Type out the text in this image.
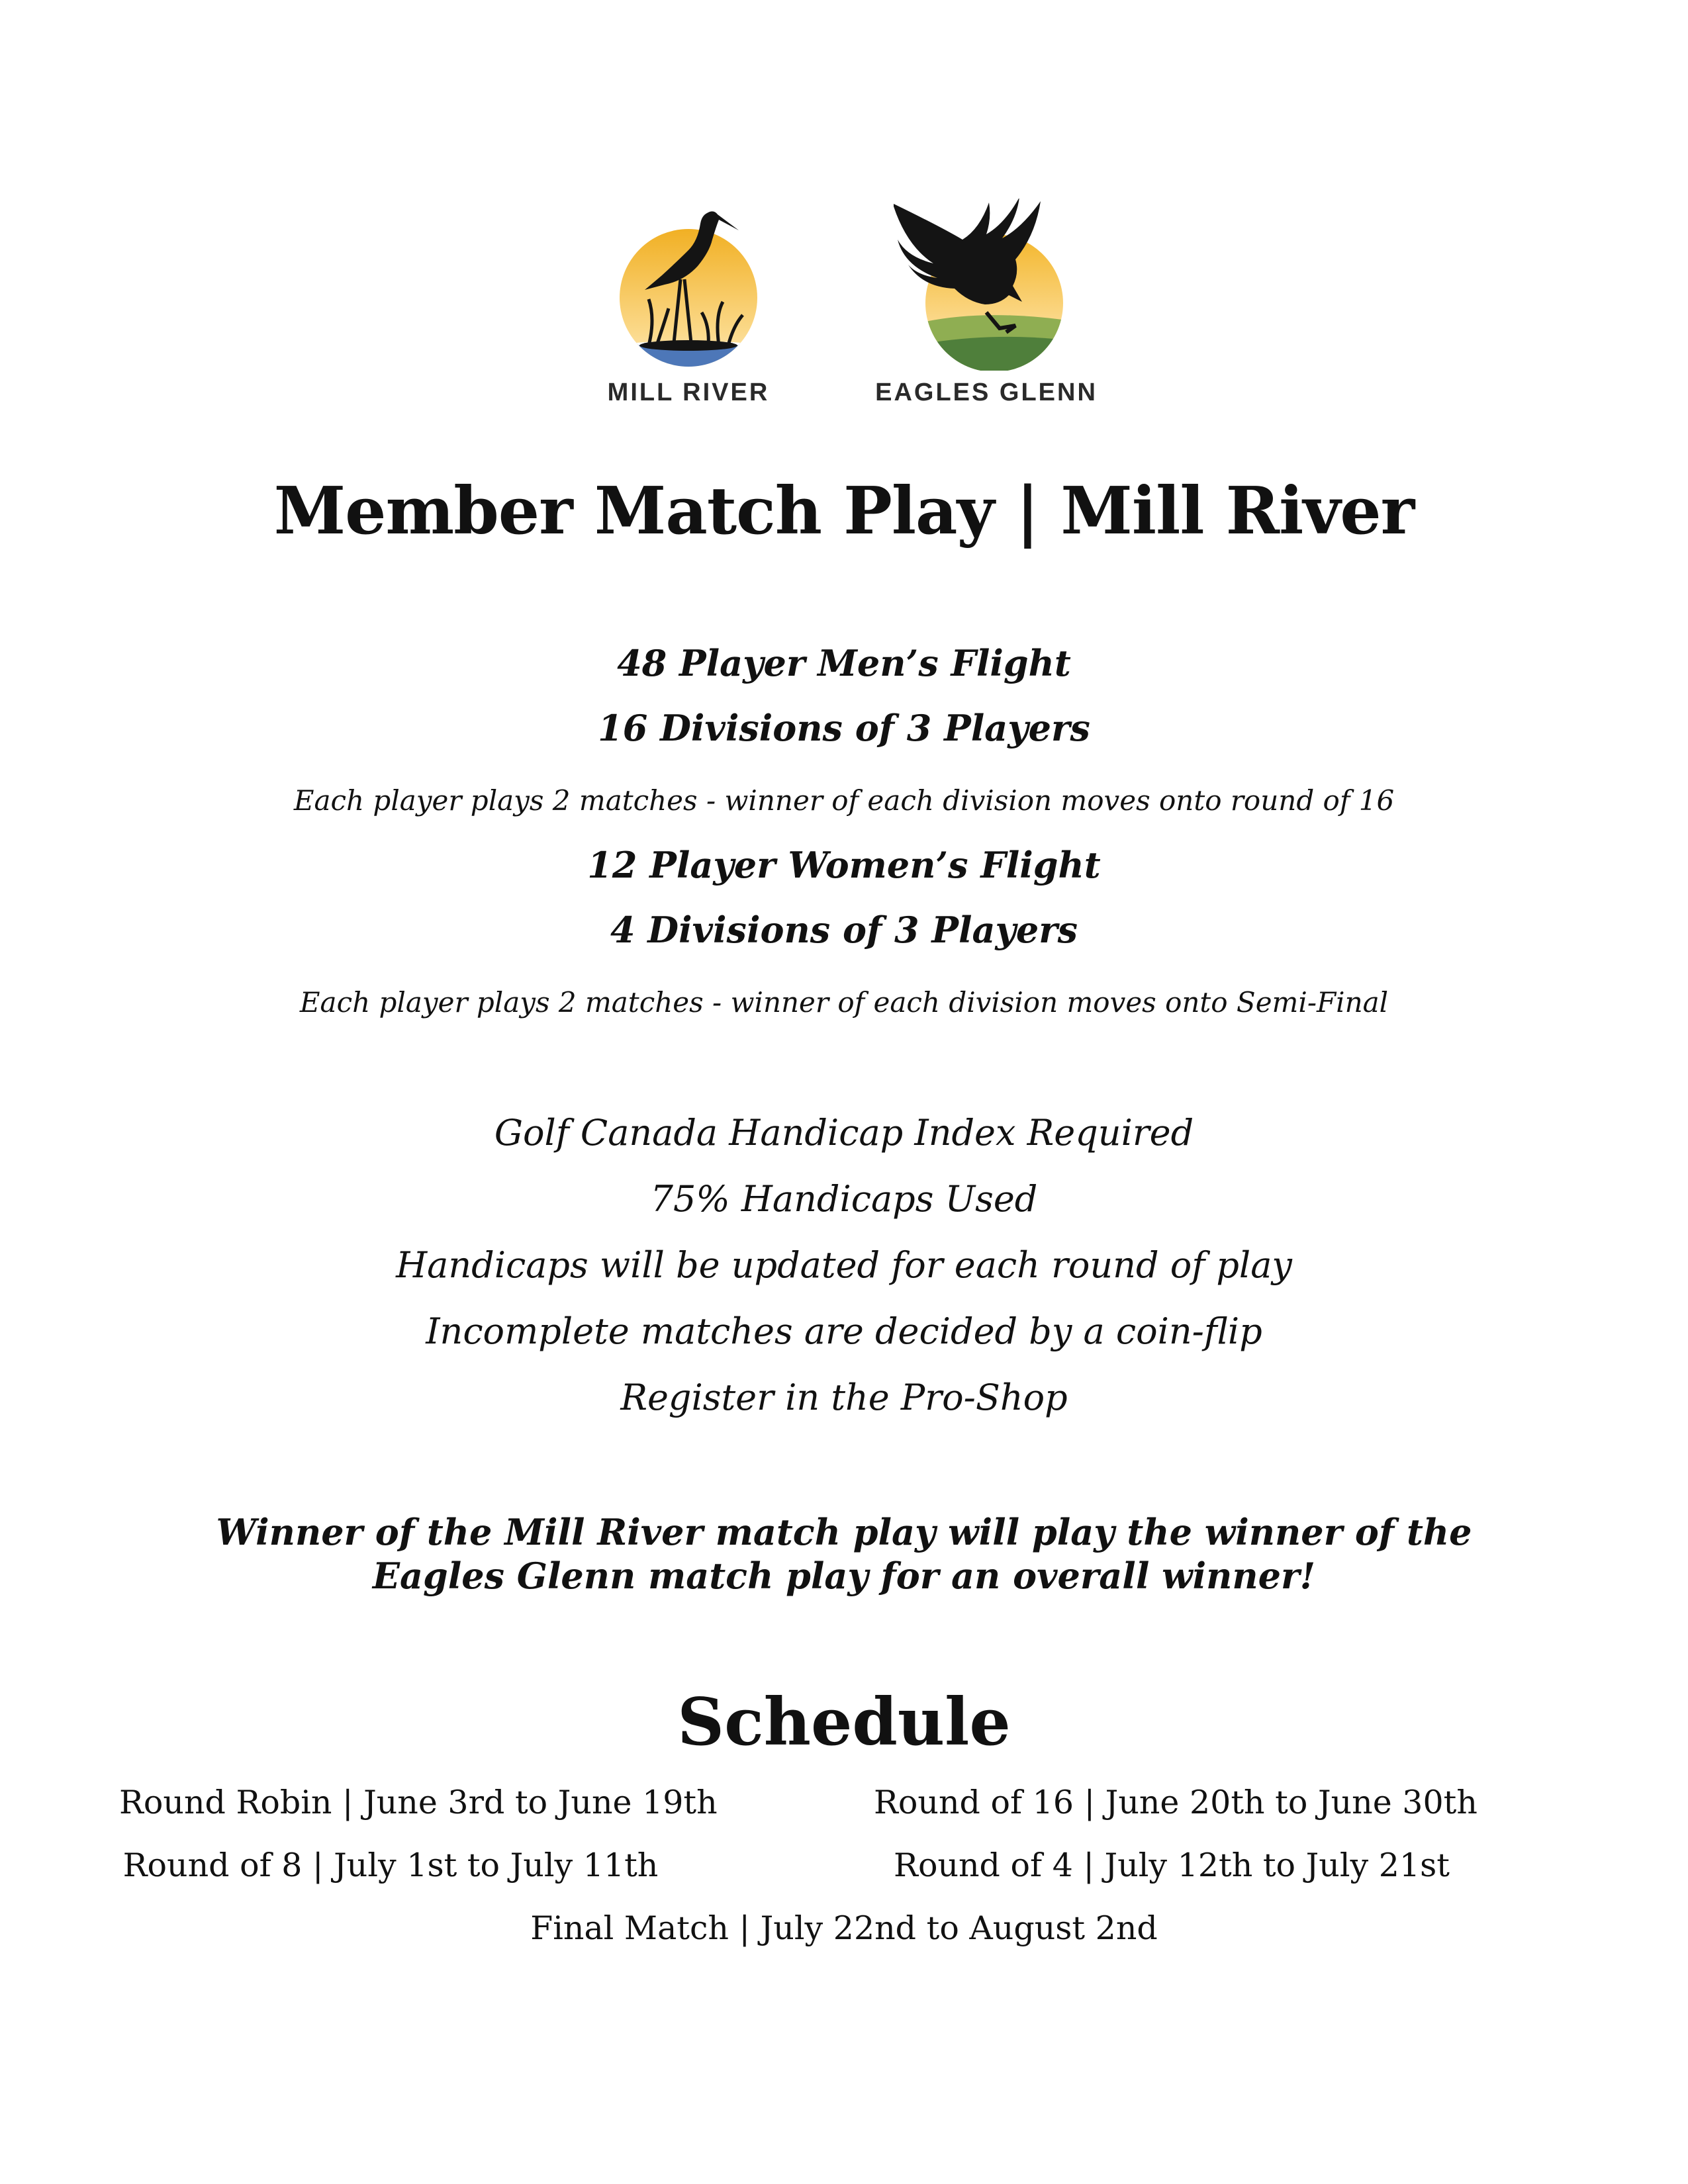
MILL RIVER	EAGLES GLENN
Member Match Play | Mill River
48 Player Men’s Flight
16 Divisions of 3 Players
Each player plays 2 matches - winner of each division moves onto round of 16
12 Player Women’s Flight
4 Divisions of 3 Players
Each player plays 2 matches - winner of each division moves onto Semi-Final
Golf Canada Handicap Index Required
75% Handicaps Used
Handicaps will be updated for each round of play
Incomplete matches are decided by a coin-flip
Register in the Pro-Shop
Winner of the Mill River match play will play the winner of the
Eagles Glenn match play for an overall winner!
Schedule
Round Robin | June 3rd to June 19th	Round of 16 | June 20th to June 30th
Round of 8 | July 1st to July 11th	Round of 4 | July 12th to July 21st
Final Match | July 22nd to August 2nd
